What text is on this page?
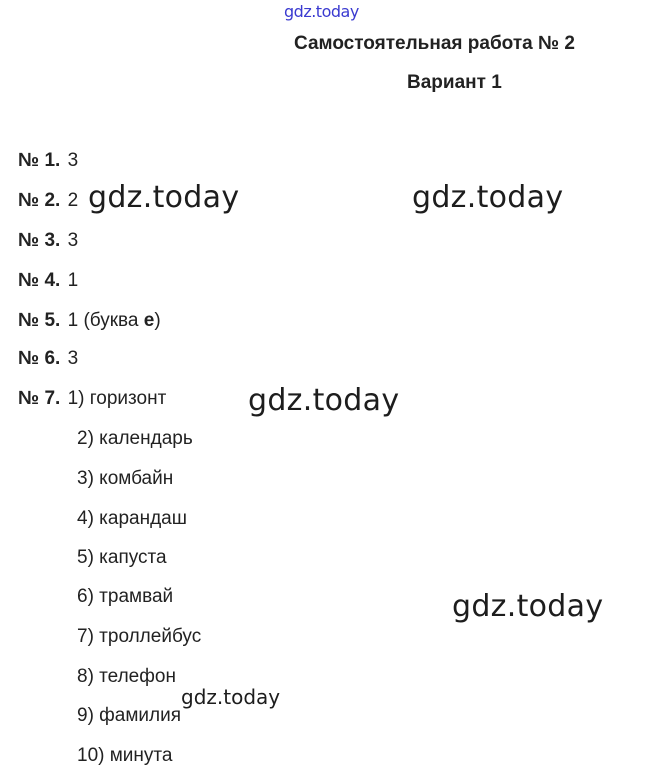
gdz.today
Самостоятельная работа № 2
Вариант 1
№ 1. 3
№ 2. 2
№ 3. 3
№ 4. 1
№ 5. 1 (буква е)
№ 6. 3
№ 7. 1) горизонт
2) календарь
3) комбайн
4) карандаш
5) капуста
6) трамвай
7) троллейбус
8) телефон
9) фамилия
10) минута
gdz.today	gdz.today
gdz.today
gdz.today
gdz.today
